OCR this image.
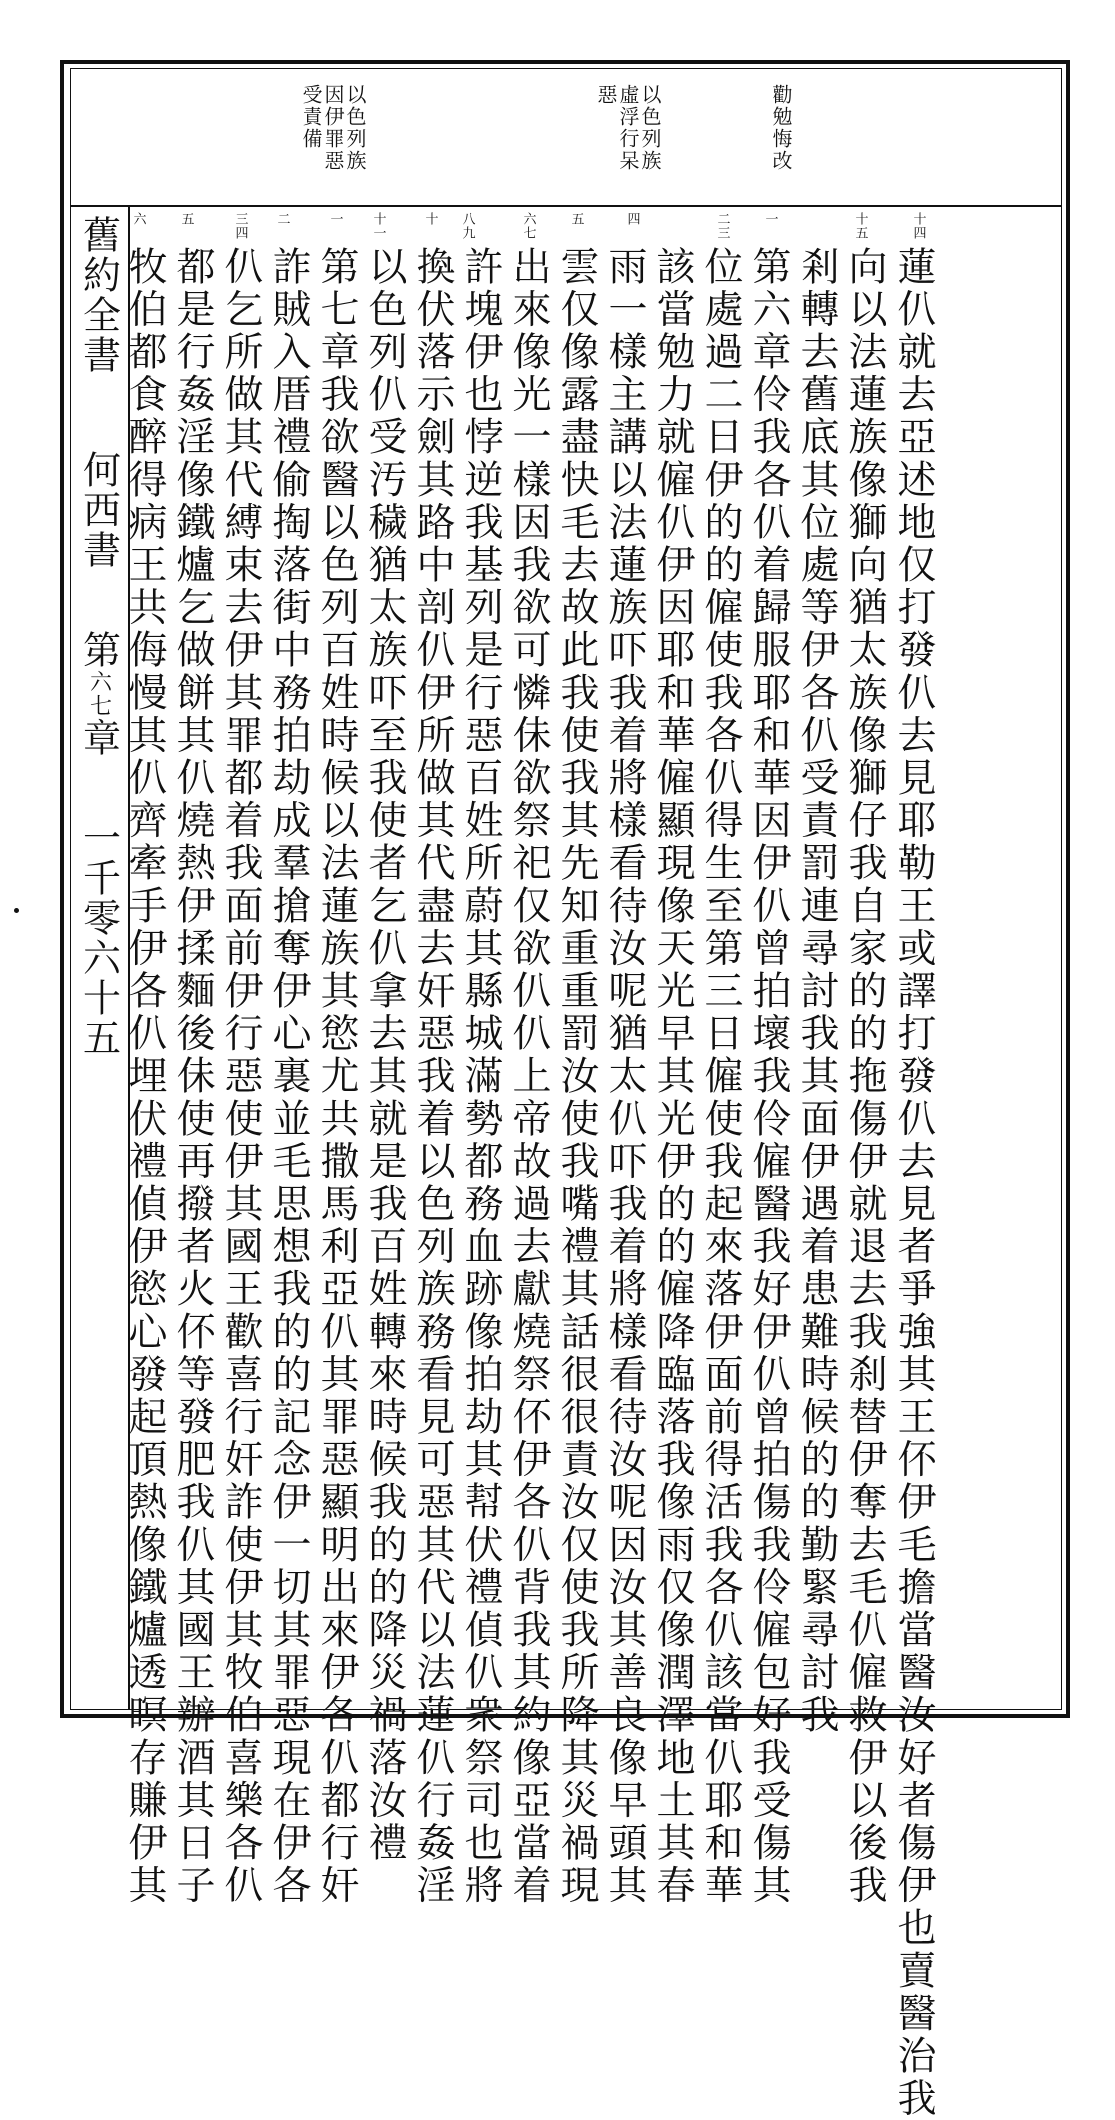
勸勉悔改
以色列族虛浮行呆惡
以色列族因伊罪惡受責備
十四
十五
一
二三
四
五
六七
八九
十
十一
一
二
三四
五
六
蓮仈就去亞述地仅打發仈去見耶勒王或譯打發仈去見者爭強其王伓伊毛擔當醫汝好者傷伊也賣醫治我
向以法蓮族像獅向猶太族像獅仔我自家的的拖傷伊就退去我刹替伊奪去毛仈僱救伊以後我
剎轉去舊底其位處等伊各仈受責罰連尋討我其面伊遇着患難時候的的勤緊尋討我
第六章伶我各仈着歸服耶和華因伊仈曾拍壞我伶僱醫我好伊仈曾拍傷我伶僱包好我受傷其
位處過二日伊的的僱使我各仈得生至第三日僱使我起來落伊面前得活我各仈該當仈耶和華
該當勉力就僱仈伊因耶和華僱顯現像天光早其光伊的的僱降臨落我像雨仅像潤澤地土其春
雨一樣主講以法蓮族吓我着將樣看待汝呢猶太仈吓我着將樣看待汝呢因汝其善良像早頭其
雲仅像露盡快毛去故此我使我其先知重重罰汝使我嘴禮其話很很責汝仅使我所降其災禍現
出來像光一樣因我欲可憐佅欲祭祀仅欲仈仈上帝故過去獻燒祭伓伊各仈背我其約像亞當着
許塊伊也悖逆我基列是行惡百姓所蔚其縣城滿勢都務血跡像拍劫其幇伏禮偵仈衆祭司也將
換伏落示劍其路中剖仈伊所做其代盡去奸惡我着以色列族務看見可惡其代以法蓮仈行姦淫
以色列仈受汚穢猶太族吓至我使者乞仈拿去其就是我百姓轉來時候我的的降災禍落汝禮
第七章我欲醫以色列百姓時候以法蓮族其慾尤共撒馬利亞仈其罪惡顯明出來伊各仈都行奸
詐賊入厝禮偷掏落街中務拍劫成羣搶奪伊心裏並毛思想我的的記念伊一切其罪惡現在伊各
仈乞所做其代縛束去伊其罪都着我面前伊行惡使伊其國王歡喜行奸詐使伊其牧伯喜樂各仈
都是行姦淫像鐵爐乞做餅其仈燒熱伊揉麵後佅使再撥者火伓等發肥我仈其國王辦酒其日子
牧伯都食醉得病王共侮慢其仈齊牽手伊各仈埋伏禮偵伊慾心發起頂熱像鐵爐透暝存賺伊其
舊約全書何西書第六七章一千零六十五
